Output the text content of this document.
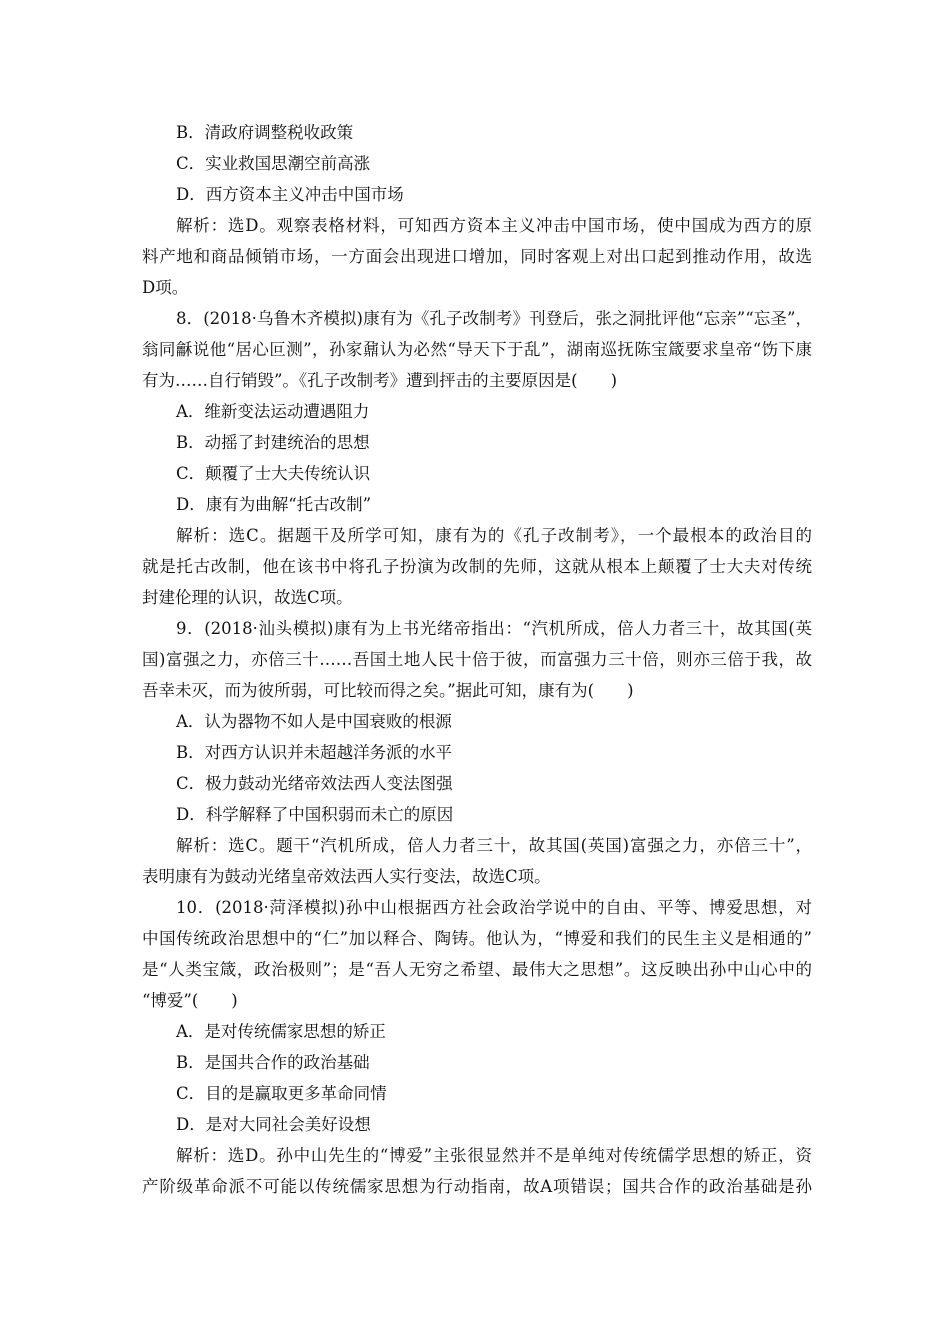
B．清政府调整税收政策
C．实业救国思潮空前高涨
D．西方资本主义冲击中国市场
解析：选D。观察表格材料，可知西方资本主义冲击中国市场，使中国成为西方的原
料产地和商品倾销市场，一方面会出现进口增加，同时客观上对出口起到推动作用，故选
D项。
8．(2018·乌鲁木齐模拟)康有为《孔子改制考》刊登后，张之洞批评他“忘亲”“忘圣”，
翁同龢说他“居心叵测”，孙家鼐认为必然“导天下于乱”，湖南巡抚陈宝箴要求皇帝“饬下康
有为……自行销毁”。《孔子改制考》遭到抨击的主要原因是(　　)
A．维新变法运动遭遇阻力
B．动摇了封建统治的思想
C．颠覆了士大夫传统认识
D．康有为曲解“托古改制”
解析：选C。据题干及所学可知，康有为的《孔子改制考》，一个最根本的政治目的
就是托古改制，他在该书中将孔子扮演为改制的先师，这就从根本上颠覆了士大夫对传统
封建伦理的认识，故选C项。
9．(2018·汕头模拟)康有为上书光绪帝指出：“汽机所成，倍人力者三十，故其国(英
国)富强之力，亦倍三十……吾国土地人民十倍于彼，而富强力三十倍，则亦三倍于我，故
吾幸未灭，而为彼所弱，可比较而得之矣。”据此可知，康有为(　　)
A．认为器物不如人是中国衰败的根源
B．对西方认识并未超越洋务派的水平
C．极力鼓动光绪帝效法西人变法图强
D．科学解释了中国积弱而未亡的原因
解析：选C。题干“汽机所成，倍人力者三十，故其国(英国)富强之力，亦倍三十”，
表明康有为鼓动光绪皇帝效法西人实行变法，故选C项。
10．(2018·菏泽模拟)孙中山根据西方社会政治学说中的自由、平等、博爱思想，对
中国传统政治思想中的“仁”加以释合、陶铸。他认为，“博爱和我们的民生主义是相通的”
是“人类宝箴，政治极则”；是“吾人无穷之希望、最伟大之思想”。这反映出孙中山心中的
“博爱”(　　)
A．是对传统儒家思想的矫正
B．是国共合作的政治基础
C．目的是赢取更多革命同情
D．是对大同社会美好设想
解析：选D。孙中山先生的“博爱”主张很显然并不是单纯对传统儒学思想的矫正，资
产阶级革命派不可能以传统儒家思想为行动指南，故A项错误；国共合作的政治基础是孙
